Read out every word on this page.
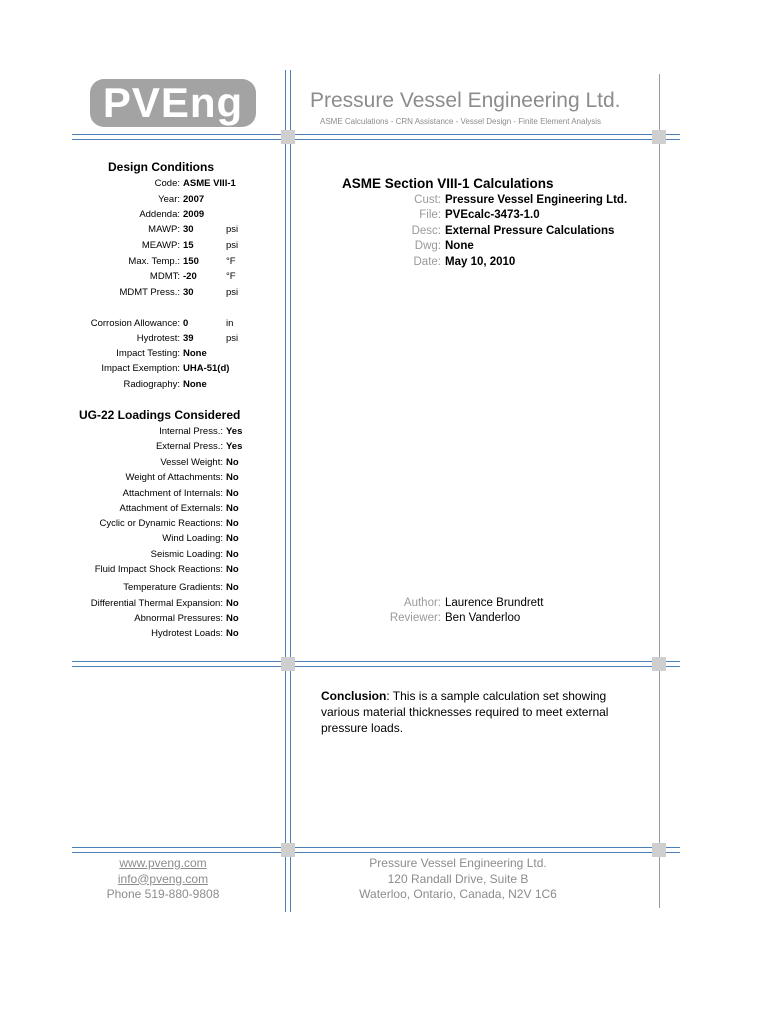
PVEng	Pressure Vessel Engineering Ltd.
ASME Calculations - CRN Assistance - Vessel Design - Finite Element Analysis
Design Conditions
Code: ASME VIII-1
Year: 2007
Addenda: 2009
MAWP: 30	psi
MEAWP: 15	psi
Max. Temp.: 150	°F
MDMT: -20	°F
MDMT Press.: 30	psi
Corrosion Allowance: 0	in
Hydrotest: 39	psi
Impact Testing: None
Impact Exemption: UHA-51(d)
Radiography: None
UG-22 Loadings Considered
Internal Press.: Yes
External Press.: Yes
Vessel Weight: No
Weight of Attachments: No
Attachment of Internals: No
Attachment of Externals: No
Cyclic or Dynamic Reactions: No
Wind Loading: No
Seismic Loading: No
Fluid Impact Shock Reactions: No
Temperature Gradients: No
Differential Thermal Expansion: No
Abnormal Pressures: No
Hydrotest Loads: No
ASME Section VIII-1 Calculations
Cust: Pressure Vessel Engineering Ltd.
File: PVEcalc-3473-1.0
Desc: External Pressure Calculations
Dwg: None
Date: May 10, 2010
Author: Laurence Brundrett
Reviewer: Ben Vanderloo
Conclusion: This is a sample calculation set showing various material thicknesses required to meet external pressure loads.
www.pveng.com
info@pveng.com
Phone 519-880-9808
Pressure Vessel Engineering Ltd.
120 Randall Drive, Suite B
Waterloo, Ontario, Canada, N2V 1C6
